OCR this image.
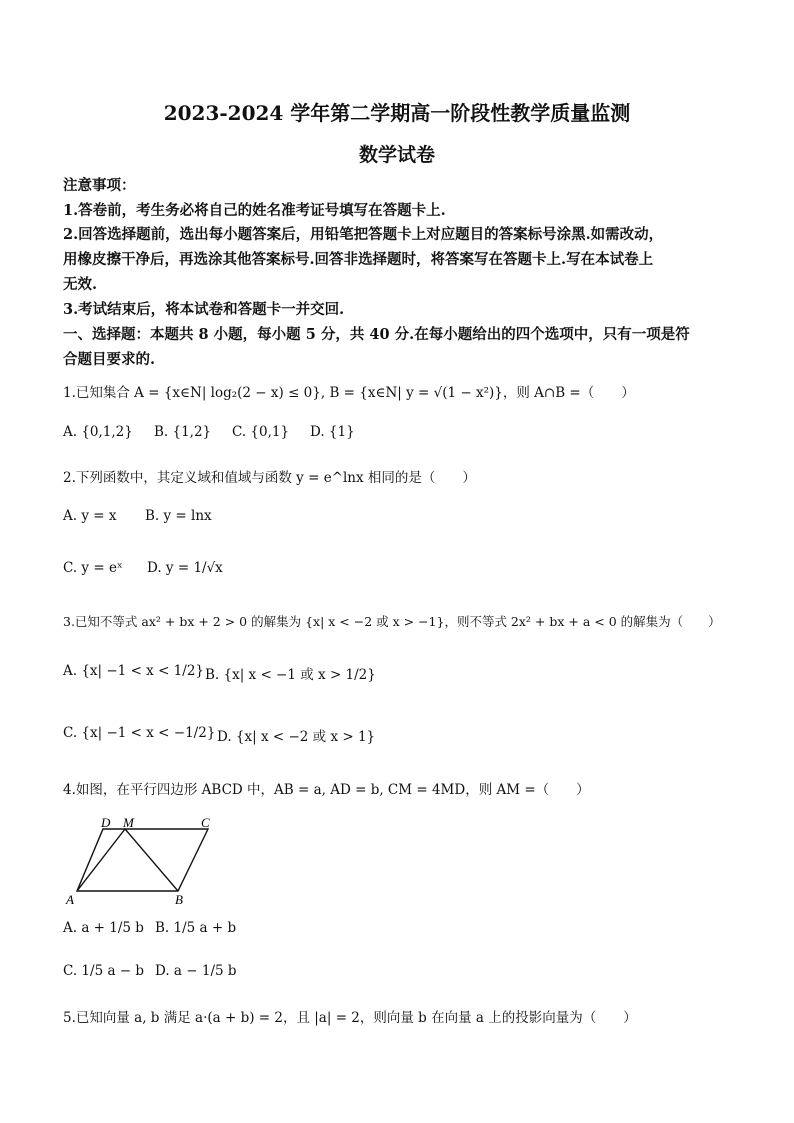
2023-2024 学年第二学期高一阶段性教学质量监测
数学试卷
注意事项：
1.答卷前，考生务必将自己的姓名准考证号填写在答题卡上.
2.回答选择题前，选出每小题答案后，用铅笔把答题卡上对应题目的答案标号涂黑.如需改动，
用橡皮擦干净后，再选涂其他答案标号.回答非选择题时，将答案写在答题卡上.写在本试卷上
无效.
3.考试结束后，将本试卷和答题卡一并交回.
一、选择题：本题共 8 小题，每小题 5 分，共 40 分.在每小题给出的四个选项中，只有一项是符
合题目要求的.
1.已知集合 A = {x∈N| log₂(2 − x) ≤ 0}, B = {x∈N| y = √(1 − x²)}，则 A∩B =（　　）
A. {0,1,2} B. {1,2} C. {0,1} D. {1}
2.下列函数中，其定义域和值域与函数 y = e^lnx 相同的是（　　）
A. y = x B. y = lnx
C. y = eˣ D. y = 1/√x
3.已知不等式 ax² + bx + 2 > 0 的解集为 {x| x < −2 或 x > −1}，则不等式 2x² + bx + a < 0 的解集为（　　）
A. {x| −1 < x < 1/2} B. {x| x < −1 或 x > 1/2}
C. {x| −1 < x < −1/2} D. {x| x < −2 或 x > 1}
4.如图，在平行四边形 ABCD 中，AB = a, AD = b, CM = 4MD，则 AM =（　　）
D M	C
A	B
A. a + 1/5 b B. 1/5 a + b
C. 1/5 a − b D. a − 1/5 b
5.已知向量 a, b 满足 a·(a + b) = 2，且 |a| = 2，则向量 b 在向量 a 上的投影向量为（　　）
